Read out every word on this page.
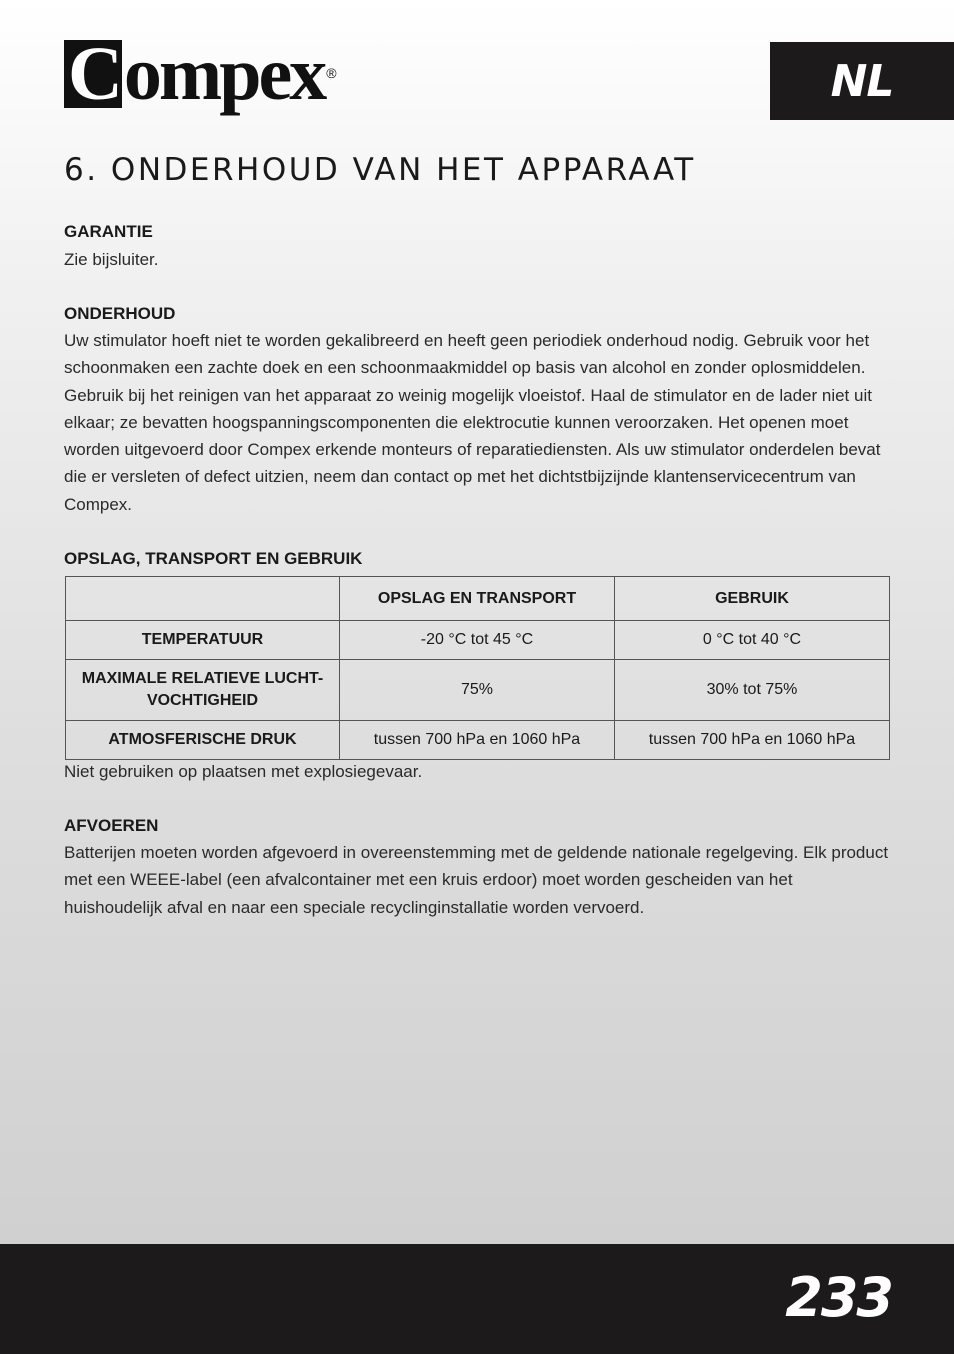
Compex ®	NL
6. ONDERHOUD VAN HET APPARAAT
GARANTIE

Zie bijsluiter.

ONDERHOUD

Uw stimulator hoeft niet te worden gekalibreerd en heeft geen periodiek onderhoud nodig. Gebruik voor het schoonmaken een zachte doek en een schoonmaakmiddel op basis van alcohol en zonder oplosmiddelen. Gebruik bij het reinigen van het apparaat zo weinig mogelijk vloeistof. Haal de stimulator en de lader niet uit elkaar; ze bevatten hoogspanningscomponenten die elektrocutie kunnen veroorzaken. Het openen moet worden uitgevoerd door Compex erkende monteurs of reparatiediensten. Als uw stimulator onderdelen bevat die er versleten of defect uitzien, neem dan contact op met het dichtstbijzijnde klantenservicecentrum van Compex.

OPSLAG, TRANSPORT EN GEBRUIK
	OPSLAG EN TRANSPORT	GEBRUIK
TEMPERATUUR	-20 °C tot 45 °C	0 °C tot 40 °C
MAXIMALE RELATIEVE LUCHT-VOCHTIGHEID	75%	30% tot 75%
ATMOSFERISCHE DRUK	tussen 700 hPa en 1060 hPa	tussen 700 hPa en 1060 hPa

Niet gebruiken op plaatsen met explosiegevaar.

AFVOEREN

Batterijen moeten worden afgevoerd in overeenstemming met de geldende nationale regelgeving. Elk product met een WEEE-label (een afvalcontainer met een kruis erdoor) moet worden gescheiden van het huishoudelijk afval en naar een speciale recyclinginstallatie worden vervoerd.

233
